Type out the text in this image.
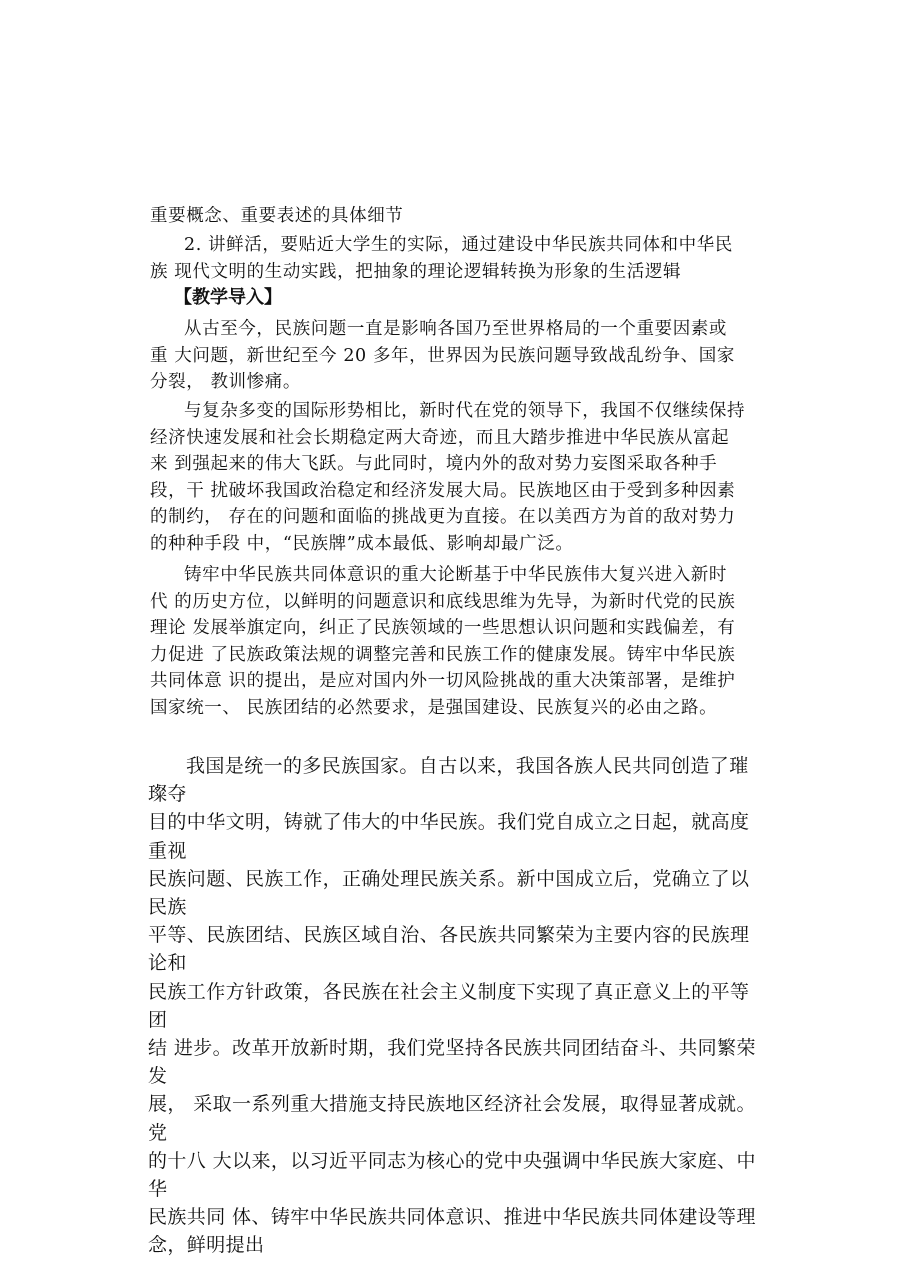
重要概念、重要表述的具体细节
2. 讲鲜活，要贴近大学生的实际，通过建设中华民族共同体和中华民
族 现代文明的生动实践，把抽象的理论逻辑转换为形象的生活逻辑
【教学导入】
从古至今，民族问题一直是影响各国乃至世界格局的一个重要因素或
重 大问题，新世纪至今 20 多年，世界因为民族问题导致战乱纷争、国家
分裂， 教训惨痛。
与复杂多变的国际形势相比，新时代在党的领导下，我国不仅继续保持
经济快速发展和社会长期稳定两大奇迹，而且大踏步推进中华民族从富起
来 到强起来的伟大飞跃。与此同时，境内外的敌对势力妄图采取各种手
段，干 扰破坏我国政治稳定和经济发展大局。民族地区由于受到多种因素
的制约， 存在的问题和面临的挑战更为直接。在以美西方为首的敌对势力
的种种手段 中，“民族牌”成本最低、影响却最广泛。
铸牢中华民族共同体意识的重大论断基于中华民族伟大复兴进入新时
代 的历史方位，以鲜明的问题意识和底线思维为先导，为新时代党的民族
理论 发展举旗定向，纠正了民族领域的一些思想认识问题和实践偏差，有
力促进 了民族政策法规的调整完善和民族工作的健康发展。铸牢中华民族
共同体意 识的提出，是应对国内外一切风险挑战的重大决策部署，是维护
国家统一、 民族团结的必然要求，是强国建设、民族复兴的必由之路。
我国是统一的多民族国家。自古以来，我国各族人民共同创造了璀璨夺
目的中华文明，铸就了伟大的中华民族。我们党自成立之日起，就高度重视
民族问题、民族工作，正确处理民族关系。新中国成立后，党确立了以民族
平等、民族团结、民族区域自治、各民族共同繁荣为主要内容的民族理论和
民族工作方针政策，各民族在社会主义制度下实现了真正意义上的平等团
结 进步。改革开放新时期，我们党坚持各民族共同团结奋斗、共同繁荣发
展， 采取一系列重大措施支持民族地区经济社会发展，取得显著成就。党
的十八 大以来，以习近平同志为核心的党中央强调中华民族大家庭、中华
民族共同 体、铸牢中华民族共同体意识、推进中华民族共同体建设等理
念，鲜明提出
